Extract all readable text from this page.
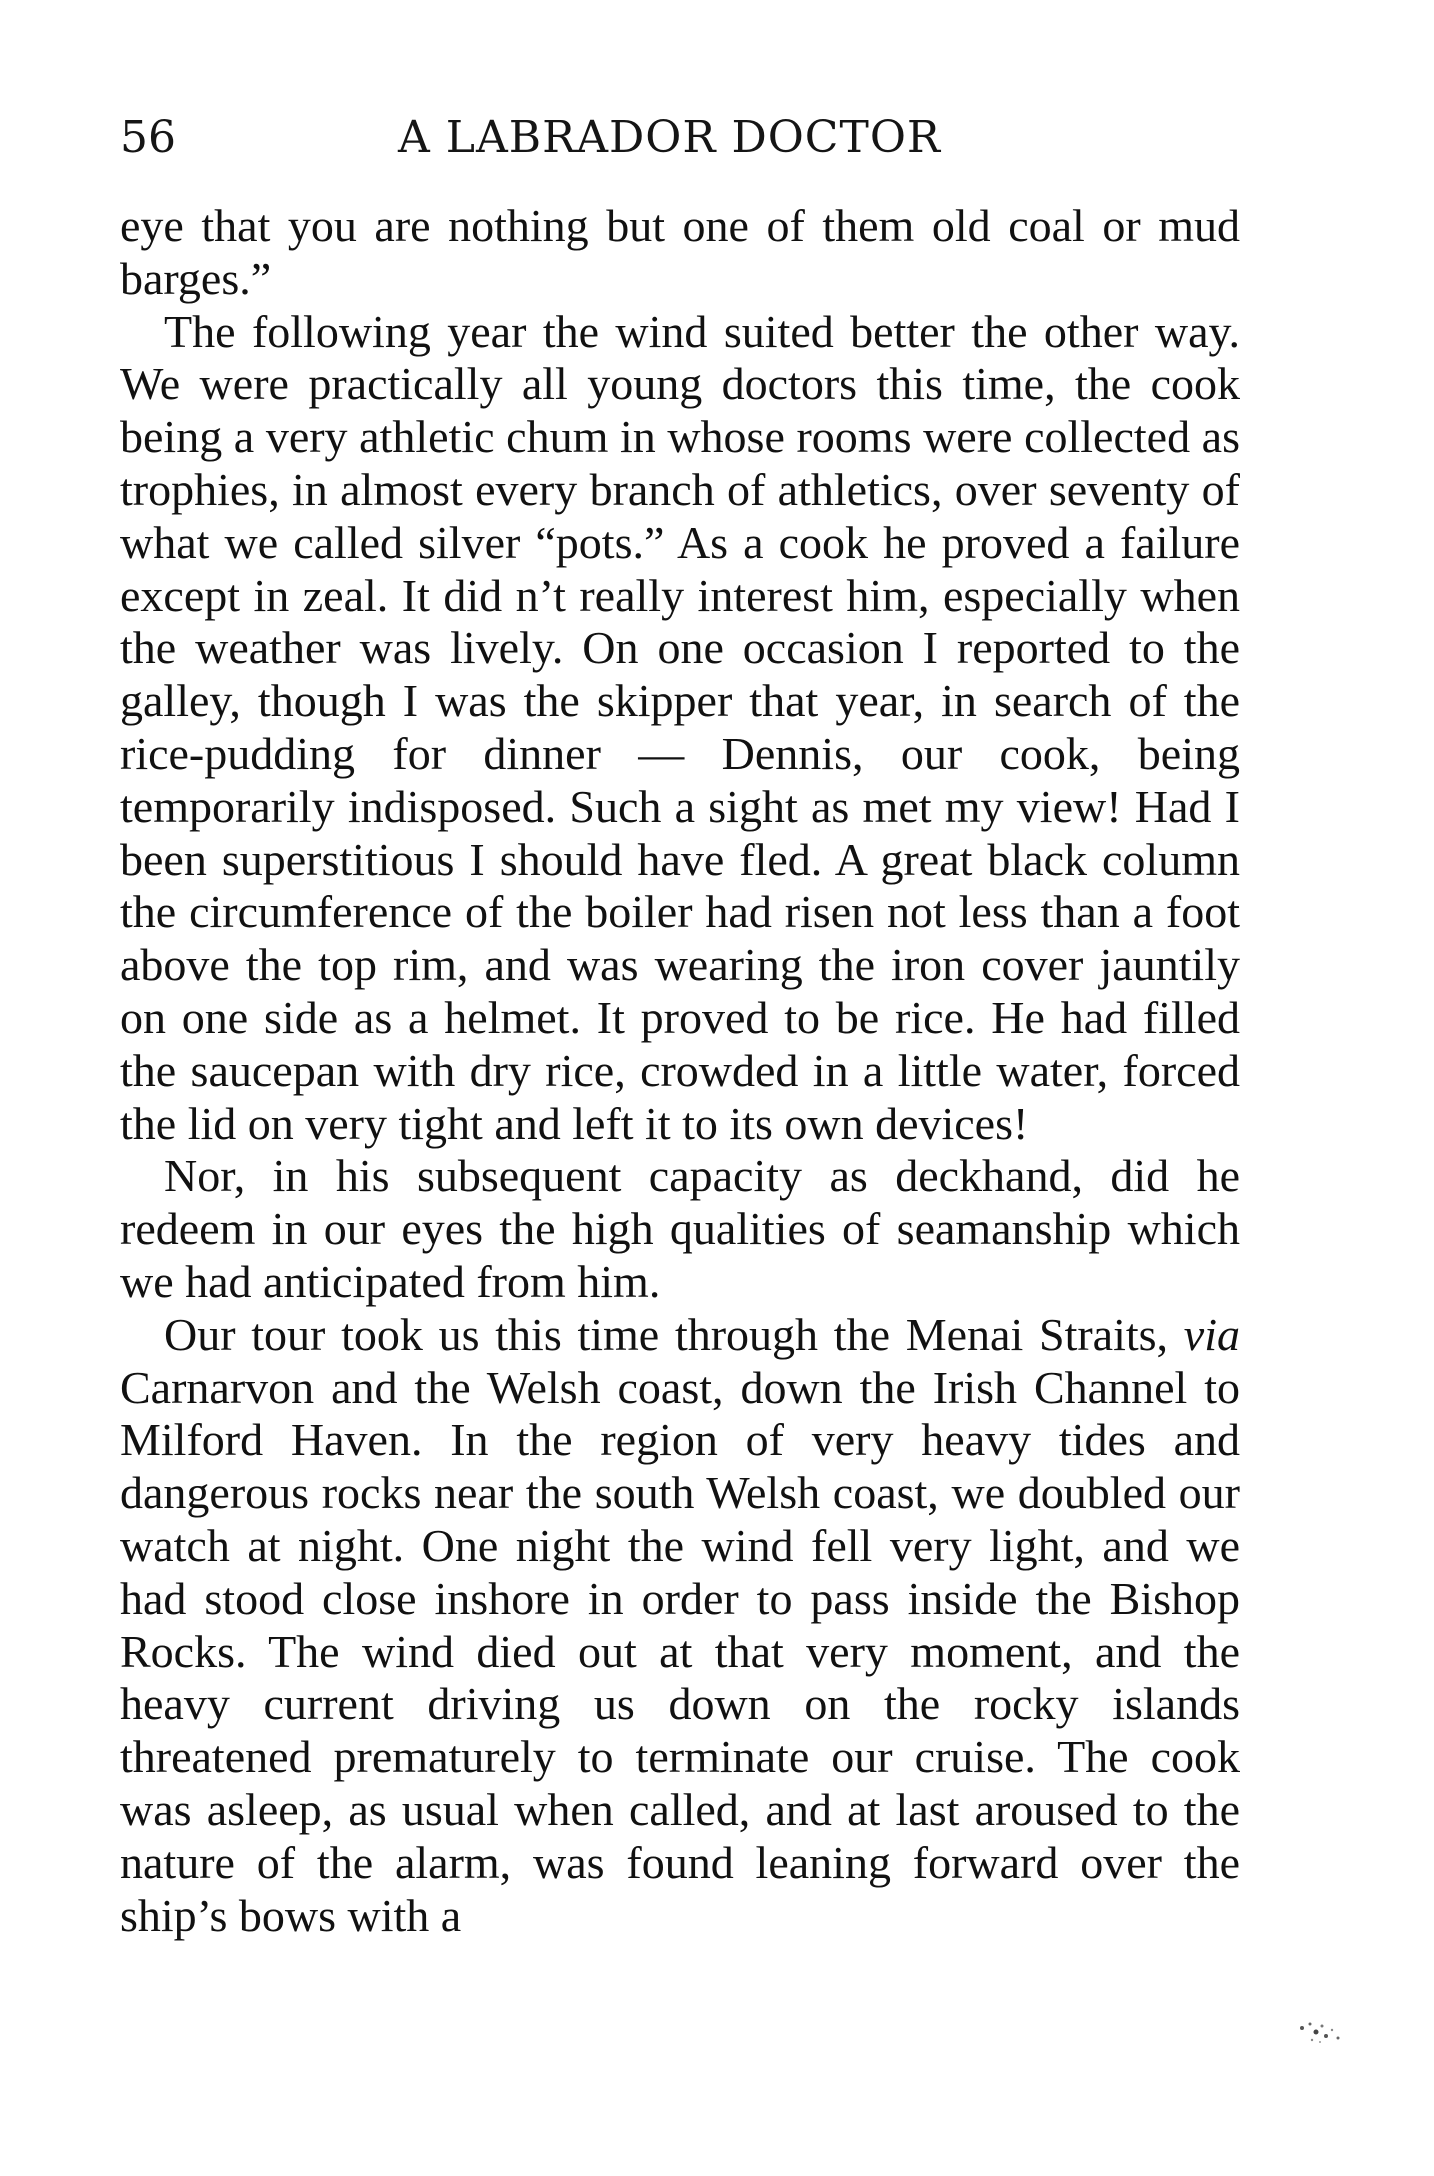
56	A LABRADOR DOCTOR

eye that you are nothing but one of them old coal or mud barges.”

The following year the wind suited better the other way. We were practically all young doctors this time, the cook being a very athletic chum in whose rooms were collected as trophies, in almost every branch of athletics, over seventy of what we called silver “pots.” As a cook he proved a failure except in zeal. It did n’t really interest him, especially when the weather was lively. On one occasion I reported to the galley, though I was the skipper that year, in search of the rice-pudding for dinner — Dennis, our cook, being temporarily indisposed. Such a sight as met my view! Had I been superstitious I should have fled. A great black column the circumference of the boiler had risen not less than a foot above the top rim, and was wearing the iron cover jauntily on one side as a helmet. It proved to be rice. He had filled the saucepan with dry rice, crowded in a little water, forced the lid on very tight and left it to its own devices!

Nor, in his subsequent capacity as deckhand, did he redeem in our eyes the high qualities of seamanship which we had anticipated from him.

Our tour took us this time through the Menai Straits, via Carnarvon and the Welsh coast, down the Irish Channel to Milford Haven. In the region of very heavy tides and dangerous rocks near the south Welsh coast, we doubled our watch at night. One night the wind fell very light, and we had stood close inshore in order to pass inside the Bishop Rocks. The wind died out at that very moment, and the heavy current driving us down on the rocky islands threatened prematurely to terminate our cruise. The cook was asleep, as usual when called, and at last aroused to the nature of the alarm, was found leaning forward over the ship’s bows with a
